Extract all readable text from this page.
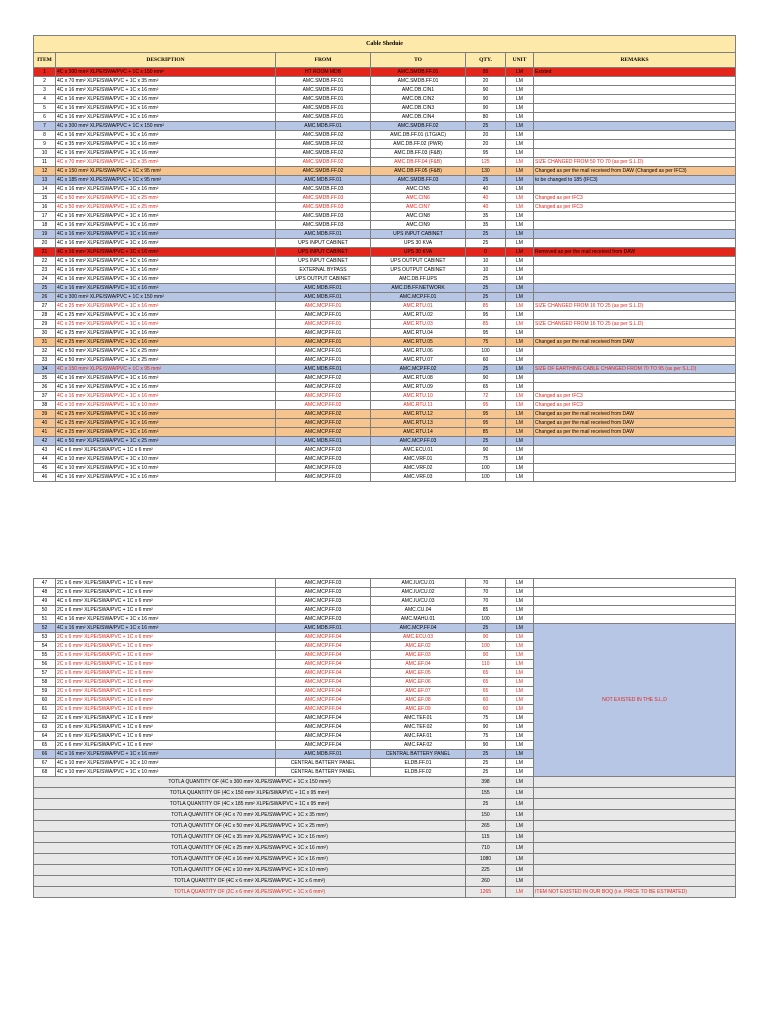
Cable Sheduie						
ITEM	DESCRIPTION	FROM	TO	QTY.	UNIT	REMARKS
1	4C x 300 mm² XLPE/SWA/PVC + 1C x 150 mm²	HT ROOM MDB	AMC.SMDB.FF.01	95	LM	Existed
2	4C x 70 mm² XLPE/SWA/PVC + 1C x 35 mm²	AMC.SMDB.FF.01	AMC.SMDB.FF.01	20	LM	
3	4C x 16 mm² XLPE/SWA/PVC + 1C x 16 mm²	AMC.SMDB.FF.01	AMC.DB.CIN1	90	LM	
4	4C x 16 mm² XLPE/SWA/PVC + 1C x 16 mm²	AMC.SMDB.FF.01	AMC.DB.CIN2	90	LM	
5	4C x 16 mm² XLPE/SWA/PVC + 1C x 16 mm²	AMC.SMDB.FF.01	AMC.DB.CIN3	90	LM	
6	4C x 16 mm² XLPE/SWA/PVC + 1C x 16 mm²	AMC.SMDB.FF.01	AMC.DB.CIN4	80	LM	
7	4C x 300 mm² XLPE/SWA/PVC + 1C x 150 mm²	AMC.MDB.FF.01	AMC.SMDB.FF.02	25	LM	
8	4C x 16 mm² XLPE/SWA/PVC + 1C x 16 mm²	AMC.SMDB.FF.02	AMC.DB.FF.01 (LTG/AC)	20	LM	
9	4C x 35 mm² XLPE/SWA/PVC + 1C x 16 mm²	AMC.SMDB.FF.02	AMC.DB.FF.02 (PWR)	20	LM	
10	4C x 16 mm² XLPE/SWA/PVC + 1C x 16 mm²	AMC.SMDB.FF.02	AMC.DB.FF.03 (F&B)	95	LM	
11	4C x 70 mm² XLPE/SWA/PVC + 1C x 35 mm²	AMC.SMDB.FF.02	AMC.DB.FF.04 (F&B)	125	LM	SIZE CHANGED FROM 50 TO 70 (as per S.L.D)
12	4C x 150 mm² XLPE/SWA/PVC + 1C x 95 mm²	AMC.SMDB.FF.02	AMC.DB.FF.05 (F&B)	130	LM	Changed as per the mail received from DAW (Changed as per IFC3)
13	4C x 185 mm² XLPE/SWA/PVC + 1C x 95 mm²	AMC.MDB.FF.01	AMC.SMDB.FF.03	25	LM	to be changed to 185 (IFC3)
14	4C x 16 mm² XLPE/SWA/PVC + 1C x 16 mm²	AMC.SMDB.FF.03	AMC.CIN5	40	LM	
15	4C x 50 mm² XLPE/SWA/PVC + 1C x 25 mm²	AMC.SMDB.FF.03	AMC.CIN6	40	LM	Changed as per IFC3
16	4C x 50 mm² XLPE/SWA/PVC + 1C x 25 mm²	AMC.SMDB.FF.03	AMC.CIN7	40	LM	Changed as per IFC3
17	4C x 16 mm² XLPE/SWA/PVC + 1C x 16 mm²	AMC.SMDB.FF.03	AMC.CIN8	35	LM	
18	4C x 16 mm² XLPE/SWA/PVC + 1C x 16 mm²	AMC.SMDB.FF.03	AMC.CIN9	35	LM	
19	4C x 16 mm² XLPE/SWA/PVC + 1C x 16 mm²	AMC.MDB.FF.01	UPS INPUT CABINET	25	LM	
20	4C x 16 mm² XLPE/SWA/PVC + 1C x 16 mm²	UPS INPUT CABINET	UPS 30 KVA	25	LM	
21	4C x 16 mm² XLPE/SWA/PVC + 1C x 16 mm²	UPS INPUT CABINET	UPS 30 KVA	0	LM	Removed as per the mail received from DAW
22	4C x 16 mm² XLPE/SWA/PVC + 1C x 16 mm²	UPS INPUT CABINET	UPS OUTPUT CABINET	10	LM	
23	4C x 16 mm² XLPE/SWA/PVC + 1C x 16 mm²	EXTERNAL BYPASS	UPS OUTPUT CABINET	10	LM	
24	4C x 16 mm² XLPE/SWA/PVC + 1C x 16 mm²	UPS OUTPUT CABINET	AMC.DB.FF.UPS	25	LM	
25	4C x 16 mm² XLPE/SWA/PVC + 1C x 16 mm²	AMC.MDB.FF.01	AMC.DB.FF.NETWORK	25	LM	
26	4C x 300 mm² XLPE/SWA/PVC + 1C x 150 mm²	AMC.MDB.FF.01	AMC.MCP.FF.01	25	LM	
27	4C x 25 mm² XLPE/SWA/PVC + 1C x 16 mm²	AMC.MCP.FF.01	AMC.RTU.01	85	LM	SIZE CHANGED FROM 16 TO 25 (as per S.L.D)
28	4C x 25 mm² XLPE/SWA/PVC + 1C x 16 mm²	AMC.MCP.FF.01	AMC.RTU.02	95	LM	
29	4C x 25 mm² XLPE/SWA/PVC + 1C x 16 mm²	AMC.MCP.FF.01	AMC.RTU.03	85	LM	SIZE CHANGED FROM 16 TO 25 (as per S.L.D)
30	4C x 25 mm² XLPE/SWA/PVC + 1C x 16 mm²	AMC.MCP.FF.01	AMC.RTU.04	95	LM	
31	4C x 25 mm² XLPE/SWA/PVC + 1C x 16 mm²	AMC.MCP.FF.01	AMC.RTU.05	75	LM	Changed as per the mail received from DAW
32	4C x 50 mm² XLPE/SWA/PVC + 1C x 25 mm²	AMC.MCP.FF.01	AMC.RTU.06	100	LM	
33	4C x 50 mm² XLPE/SWA/PVC + 1C x 25 mm²	AMC.MCP.FF.01	AMC.RTU.07	60	LM	
34	4C x 150 mm² XLPE/SWA/PVC + 1C x 95 mm²	AMC.MDB.FF.01	AMC.MCP.FF.02	25	LM	SIZE OF EARTHING CABLE CHANGED FROM 70 TO 95 (as per S.L.D)
35	4C x 16 mm² XLPE/SWA/PVC + 1C x 16 mm²	AMC.MCP.FF.02	AMC.RTU.08	90	LM	
36	4C x 16 mm² XLPE/SWA/PVC + 1C x 16 mm²	AMC.MCP.FF.02	AMC.RTU.09	65	LM	
37	4C x 16 mm² XLPE/SWA/PVC + 1C x 16 mm²	AMC.MCP.FF.02	AMC.RTU.10	72	LM	Changed as per IFC3
38	4C x 10 mm² XLPE/SWA/PVC + 1C x 10 mm²	AMC.MCP.FF.02	AMC.RTU.11	95	LM	Changed as per IFC3
39	4C x 25 mm² XLPE/SWA/PVC + 1C x 16 mm²	AMC.MCP.FF.02	AMC.RTU.12	95	LM	Changed as per the mail received from DAW
40	4C x 25 mm² XLPE/SWA/PVC + 1C x 16 mm²	AMC.MCP.FF.02	AMC.RTU.13	95	LM	Changed as per the mail received from DAW
41	4C x 25 mm² XLPE/SWA/PVC + 1C x 16 mm²	AMC.MCP.FF.02	AMC.RTU.14	85	LM	Changed as per the mail received from DAW
42	4C x 50 mm² XLPE/SWA/PVC + 1C x 25 mm²	AMC.MDB.FF.01	AMC.MCP.FF.03	25	LM	
43	4C x 6 mm² XLPE/SWA/PVC + 1C x 6 mm²	AMC.MCP.FF.03	AMC.ECU.01	90	LM	
44	4C x 10 mm² XLPE/SWA/PVC + 1C x 10 mm²	AMC.MCP.FF.03	AMC.VRF.01	75	LM	
45	4C x 10 mm² XLPE/SWA/PVC + 1C x 10 mm²	AMC.MCP.FF.03	AMC.VRF.02	100	LM	
46	4C x 16 mm² XLPE/SWA/PVC + 1C x 16 mm²	AMC.MCP.FF.03	AMC.VRF.03	100	LM	
47	2C x 6 mm² XLPE/SWA/PVC + 1C x 6 mm²	AMC.MCP.FF.03	AMC.IU/CU.01	70	LM	
48	2C x 6 mm² XLPE/SWA/PVC + 1C x 6 mm²	AMC.MCP.FF.03	AMC.IU/CU.02	70	LM	
49	4C x 6 mm² XLPE/SWA/PVC + 1C x 6 mm²	AMC.MCP.FF.03	AMC.IU/CU.03	70	LM	
50	2C x 6 mm² XLPE/SWA/PVC + 1C x 6 mm²	AMC.MCP.FF.03	AMC.CU.04	85	LM	
51	4C x 16 mm² XLPE/SWA/PVC + 1C x 16 mm²	AMC.MCP.FF.03	AMC.MAHU.01	100	LM	
52	4C x 16 mm² XLPE/SWA/PVC + 1C x 16 mm²	AMC.MDB.FF.01	AMC.MCP.FF.04	25	LM	NOT EXISTED IN THE S.L.D
53	2C x 6 mm² XLPE/SWA/PVC + 1C x 6 mm²	AMC.MCP.FF.04	AMC.ECU.03	90	LM	
54	2C x 6 mm² XLPE/SWA/PVC + 1C x 6 mm²	AMC.MCP.FF.04	AMC.EF.02	100	LM	
55	2C x 6 mm² XLPE/SWA/PVC + 1C x 6 mm²	AMC.MCP.FF.04	AMC.EF.03	90	LM	
56	2C x 6 mm² XLPE/SWA/PVC + 1C x 6 mm²	AMC.MCP.FF.04	AMC.EF.04	110	LM	
57	2C x 6 mm² XLPE/SWA/PVC + 1C x 6 mm²	AMC.MCP.FF.04	AMC.EF.05	65	LM	
58	2C x 6 mm² XLPE/SWA/PVC + 1C x 6 mm²	AMC.MCP.FF.04	AMC.EF.06	65	LM	
59	2C x 6 mm² XLPE/SWA/PVC + 1C x 6 mm²	AMC.MCP.FF.04	AMC.EF.07	65	LM	
60	2C x 6 mm² XLPE/SWA/PVC + 1C x 6 mm²	AMC.MCP.FF.04	AMC.EF.08	60	LM	
61	2C x 6 mm² XLPE/SWA/PVC + 1C x 6 mm²	AMC.MCP.FF.04	AMC.EF.09	60	LM	
62	2C x 6 mm² XLPE/SWA/PVC + 1C x 6 mm²	AMC.MCP.FF.04	AMC.TEF.01	75	LM	
63	2C x 6 mm² XLPE/SWA/PVC + 1C x 6 mm²	AMC.MCP.FF.04	AMC.TEF.02	90	LM	
64	2C x 6 mm² XLPE/SWA/PVC + 1C x 6 mm²	AMC.MCP.FF.04	AMC.FAF.01	75	LM	
65	2C x 6 mm² XLPE/SWA/PVC + 1C x 6 mm²	AMC.MCP.FF.04	AMC.FAF.02	90	LM	
66	4C x 16 mm² XLPE/SWA/PVC + 1C x 16 mm²	AMC.MDB.FF.01	CENTRAL BATTERY PANEL	25	LM	
67	4C x 10 mm² XLPE/SWA/PVC + 1C x 10 mm²	CENTRAL BATTERY PANEL	ELDB.FF.01	25	LM	
68	4C x 10 mm² XLPE/SWA/PVC + 1C x 10 mm²	CENTRAL BATTERY PANEL	ELDB.FF.02	25	LM	
TOTLA QUANTITY OF (4C x 300 mm² XLPE/SWA/PVC + 1C x 150 mm²)				398	LM	
TOTLA QUANTITY OF (4C x 150 mm² XLPE/SWA/PVC + 1C x 95 mm²)				155	LM	
TOTLA QUANTITY OF (4C x 185 mm² XLPE/SWA/PVC + 1C x 95 mm²)				25	LM	
TOTLA QUANTITY OF (4C x 70 mm² XLPE/SWA/PVC + 1C x 35 mm²)				150	LM	
TOTLA QUANTITY OF (4C x 50 mm² XLPE/SWA/PVC + 1C x 25 mm²)				265	LM	
TOTLA QUANTITY OF (4C x 35 mm² XLPE/SWA/PVC + 1C x 16 mm²)				115	LM	
TOTLA QUANTITY OF (4C x 25 mm² XLPE/SWA/PVC + 1C x 16 mm²)				710	LM	
TOTLA QUANTITY OF (4C x 16 mm² XLPE/SWA/PVC + 1C x 16 mm²)				1080	LM	
TOTLA QUANTITY OF (4C x 10 mm² XLPE/SWA/PVC + 1C x 10 mm²)				225	LM	
TOTLA QUANTITY OF (4C x 6 mm² XLPE/SWA/PVC + 1C x 6 mm²)				260	LM	
TOTLA QUANTITY OF (2C x 6 mm² XLPE/SWA/PVC + 1C x 6 mm²)				1265	LM	ITEM NOT EXISTED IN OUR BOQ (i.e. PRICE TO BE ESTIMATED)
